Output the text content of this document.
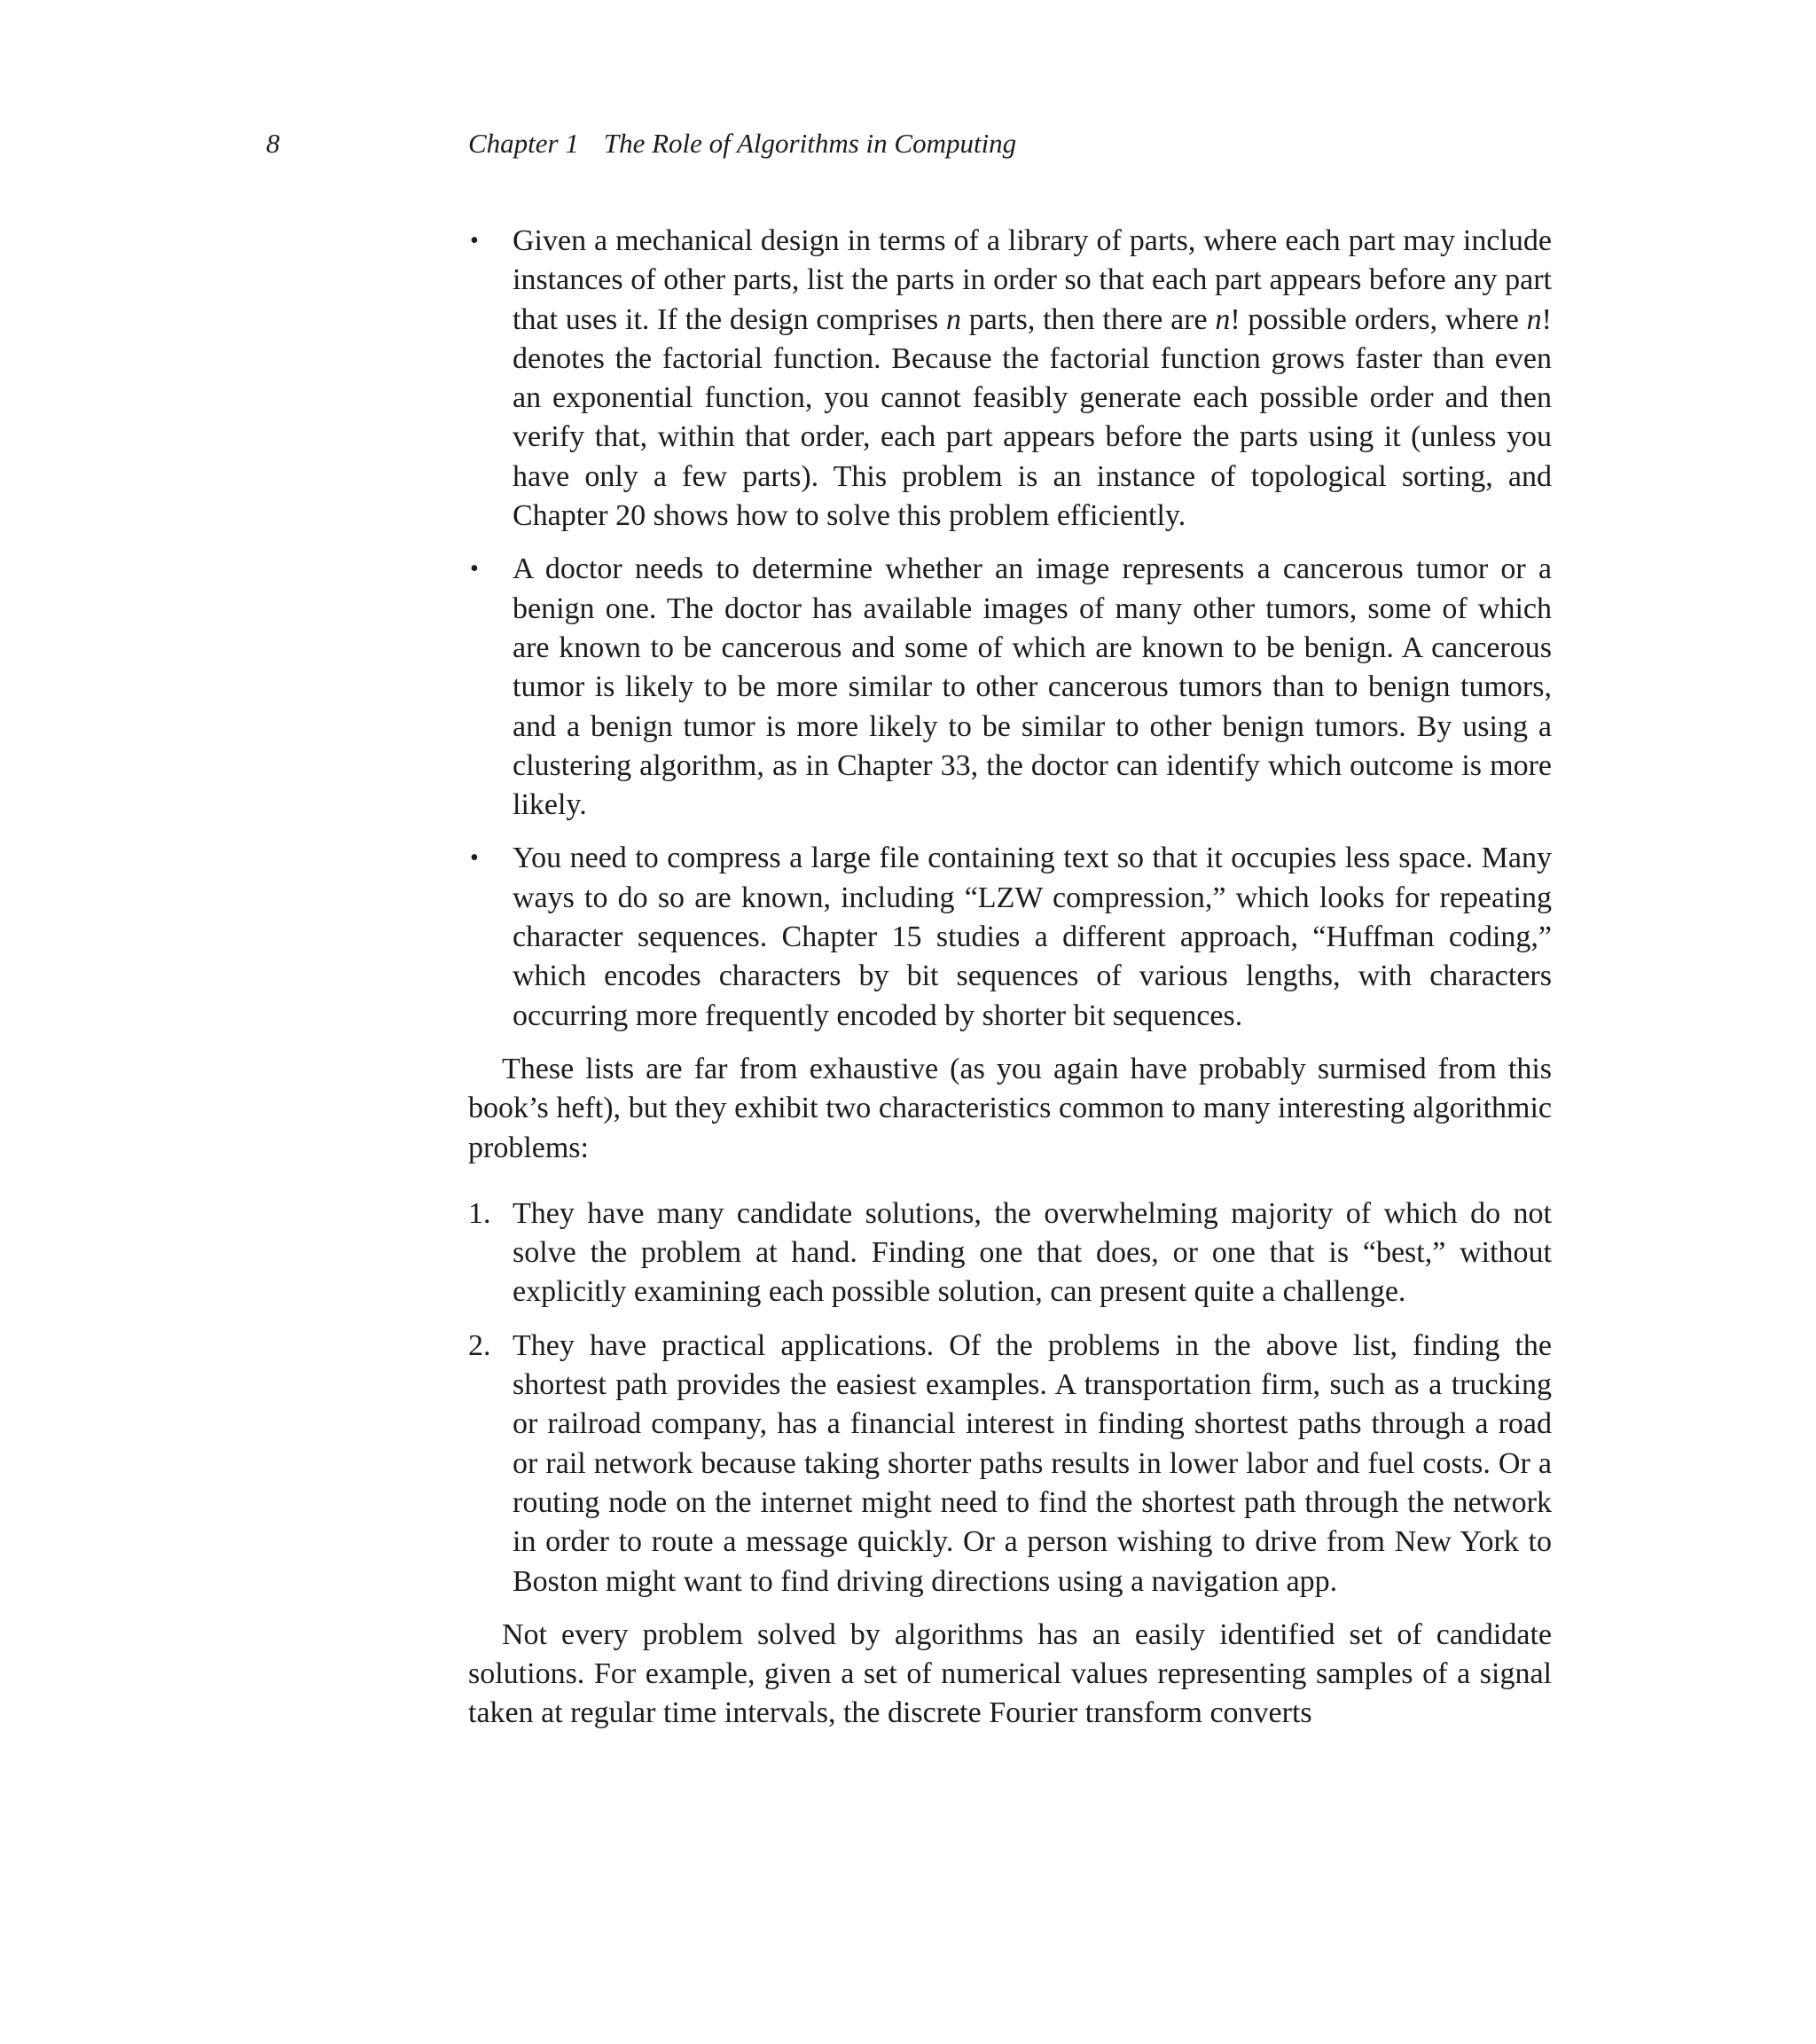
8	Chapter 1 The Role of Algorithms in Computing
• Given a mechanical design in terms of a library of parts, where each part may include instances of other parts, list the parts in order so that each part appears before any part that uses it. If the design comprises n parts, then there are n! possible orders, where n! denotes the factorial function. Because the factorial function grows faster than even an exponential function, you cannot feasibly generate each possible order and then verify that, within that order, each part appears before the parts using it (unless you have only a few parts). This problem is an instance of topological sorting, and Chapter 20 shows how to solve this problem efficiently.
• A doctor needs to determine whether an image represents a cancerous tumor or a benign one. The doctor has available images of many other tumors, some of which are known to be cancerous and some of which are known to be benign. A cancerous tumor is likely to be more similar to other cancerous tumors than to benign tumors, and a benign tumor is more likely to be similar to other benign tumors. By using a clustering algorithm, as in Chapter 33, the doctor can identify which outcome is more likely.
• You need to compress a large file containing text so that it occupies less space. Many ways to do so are known, including “LZW compression,” which looks for repeating character sequences. Chapter 15 studies a different approach, “Huffman coding,” which encodes characters by bit sequences of various lengths, with characters occurring more frequently encoded by shorter bit sequences.

These lists are far from exhaustive (as you again have probably surmised from this book’s heft), but they exhibit two characteristics common to many interesting algorithmic problems:

1. They have many candidate solutions, the overwhelming majority of which do not solve the problem at hand. Finding one that does, or one that is “best,” without explicitly examining each possible solution, can present quite a challenge.
2. They have practical applications. Of the problems in the above list, finding the shortest path provides the easiest examples. A transportation firm, such as a trucking or railroad company, has a financial interest in finding shortest paths through a road or rail network because taking shorter paths results in lower labor and fuel costs. Or a routing node on the internet might need to find the shortest path through the network in order to route a message quickly. Or a person wishing to drive from New York to Boston might want to find driving directions using a navigation app.

Not every problem solved by algorithms has an easily identified set of candidate solutions. For example, given a set of numerical values representing samples of a signal taken at regular time intervals, the discrete Fourier transform converts
